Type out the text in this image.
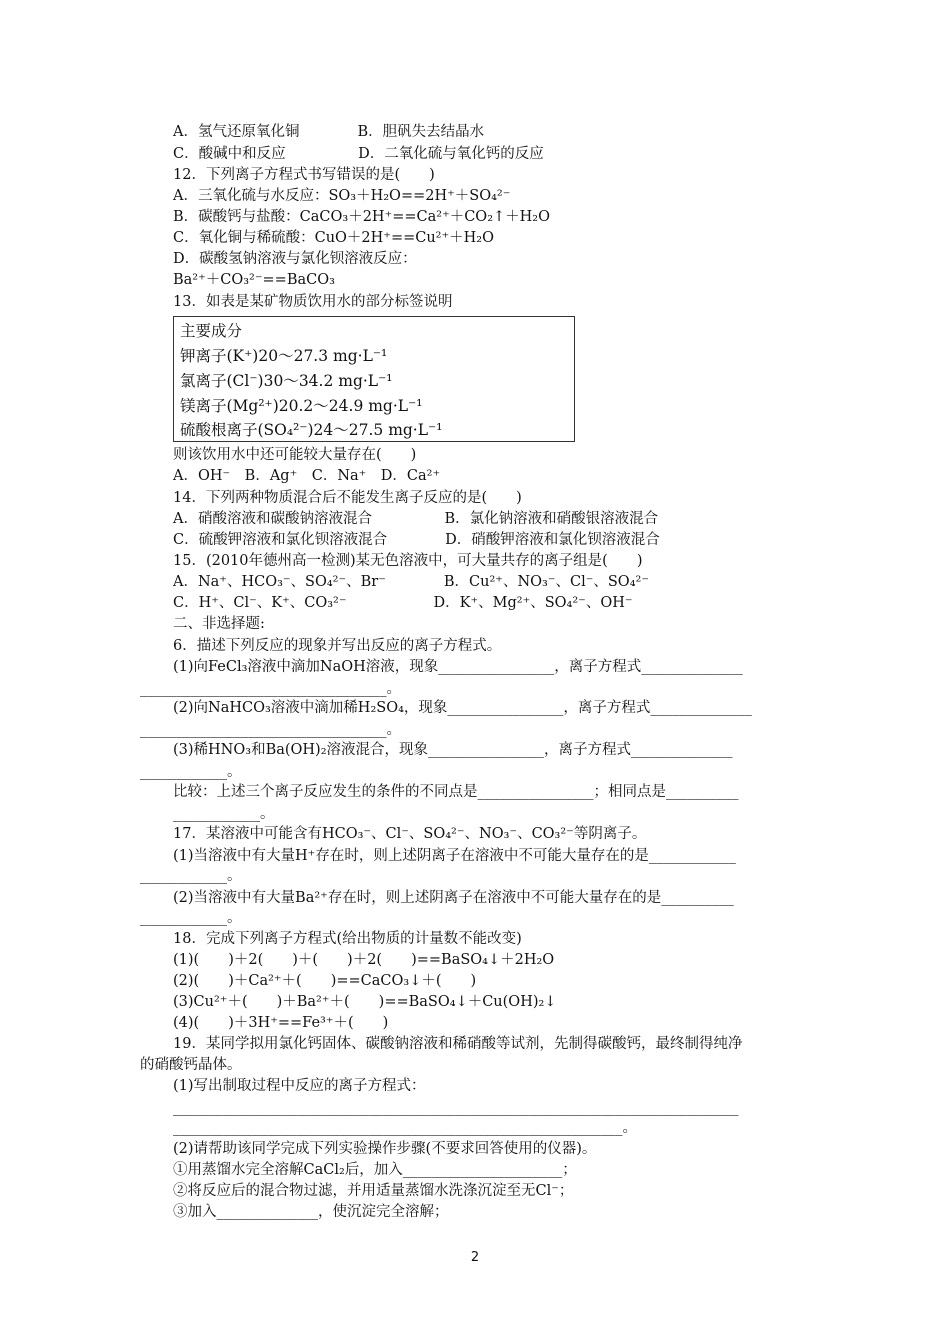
A．氢气还原氧化铜　　　　B．胆矾失去结晶水
C．酸碱中和反应　　　　　D．二氧化硫与氧化钙的反应
12．下列离子方程式书写错误的是(　　)
A．三氧化硫与水反应：SO₃＋H₂O==2H⁺＋SO₄²⁻
B．碳酸钙与盐酸：CaCO₃＋2H⁺==Ca²⁺＋CO₂↑＋H₂O
C．氧化铜与稀硫酸：CuO＋2H⁺==Cu²⁺＋H₂O
D．碳酸氢钠溶液与氯化钡溶液反应：
Ba²⁺＋CO₃²⁻==BaCO₃
13．如表是某矿物质饮用水的部分标签说明
主要成分
钾离子(K⁺)20～27.3 mg·L⁻¹
氯离子(Cl⁻)30～34.2 mg·L⁻¹
镁离子(Mg²⁺)20.2～24.9 mg·L⁻¹
硫酸根离子(SO₄²⁻)24～27.5 mg·L⁻¹
则该饮用水中还可能较大量存在(　　)
A．OH⁻　B．Ag⁺　C．Na⁺　D．Ca²⁺
14．下列两种物质混合后不能发生离子反应的是(　　)
A．硝酸溶液和碳酸钠溶液混合　　　　　B．氯化钠溶液和硝酸银溶液混合
C．硫酸钾溶液和氯化钡溶液混合　　　　D．硝酸钾溶液和氯化钡溶液混合
15．(2010年德州高一检测)某无色溶液中，可大量共存的离子组是(　　)
A．Na⁺、HCO₃⁻、SO₄²⁻、Br⁻　　　　B．Cu²⁺、NO₃⁻、Cl⁻、SO₄²⁻
C．H⁺、Cl⁻、K⁺、CO₃²⁻　　　　　　D．K⁺、Mg²⁺、SO₄²⁻、OH⁻
二、非选择题:
6．描述下列反应的现象并写出反应的离子方程式。
(1)向FeCl₃溶液中滴加NaOH溶液，现象________________，离子方程式______________
__________________________________。
(2)向NaHCO₃溶液中滴加稀H₂SO₄，现象________________，离子方程式______________
__________________________________。
(3)稀HNO₃和Ba(OH)₂溶液混合，现象________________，离子方程式______________
____________。
比较：上述三个离子反应发生的条件的不同点是________________；相同点是__________
____________。
17．某溶液中可能含有HCO₃⁻、Cl⁻、SO₄²⁻、NO₃⁻、CO₃²⁻等阴离子。
(1)当溶液中有大量H⁺存在时，则上述阴离子在溶液中不可能大量存在的是____________
____________。
(2)当溶液中有大量Ba²⁺存在时，则上述阴离子在溶液中不可能大量存在的是__________
____________。
18．完成下列离子方程式(给出物质的计量数不能改变)
(1)(　　)＋2(　　)＋(　　)＋2(　　)==BaSO₄↓＋2H₂O
(2)(　　)＋Ca²⁺＋(　　)==CaCO₃↓＋(　　)
(3)Cu²⁺＋(　　)＋Ba²⁺＋(　　)==BaSO₄↓＋Cu(OH)₂↓
(4)(　　)＋3H⁺==Fe³⁺＋(　　)
19．某同学拟用氯化钙固体、碳酸钠溶液和稀硝酸等试剂，先制得碳酸钙，最终制得纯净
的硝酸钙晶体。
(1)写出制取过程中反应的离子方程式：
______________________________________________________________________________
______________________________________________________________。
(2)请帮助该同学完成下列实验操作步骤(不要求回答使用的仪器)。
①用蒸馏水完全溶解CaCl₂后，加入______________________；
②将反应后的混合物过滤，并用适量蒸馏水洗涤沉淀至无Cl⁻；
③加入______________，使沉淀完全溶解；
2
